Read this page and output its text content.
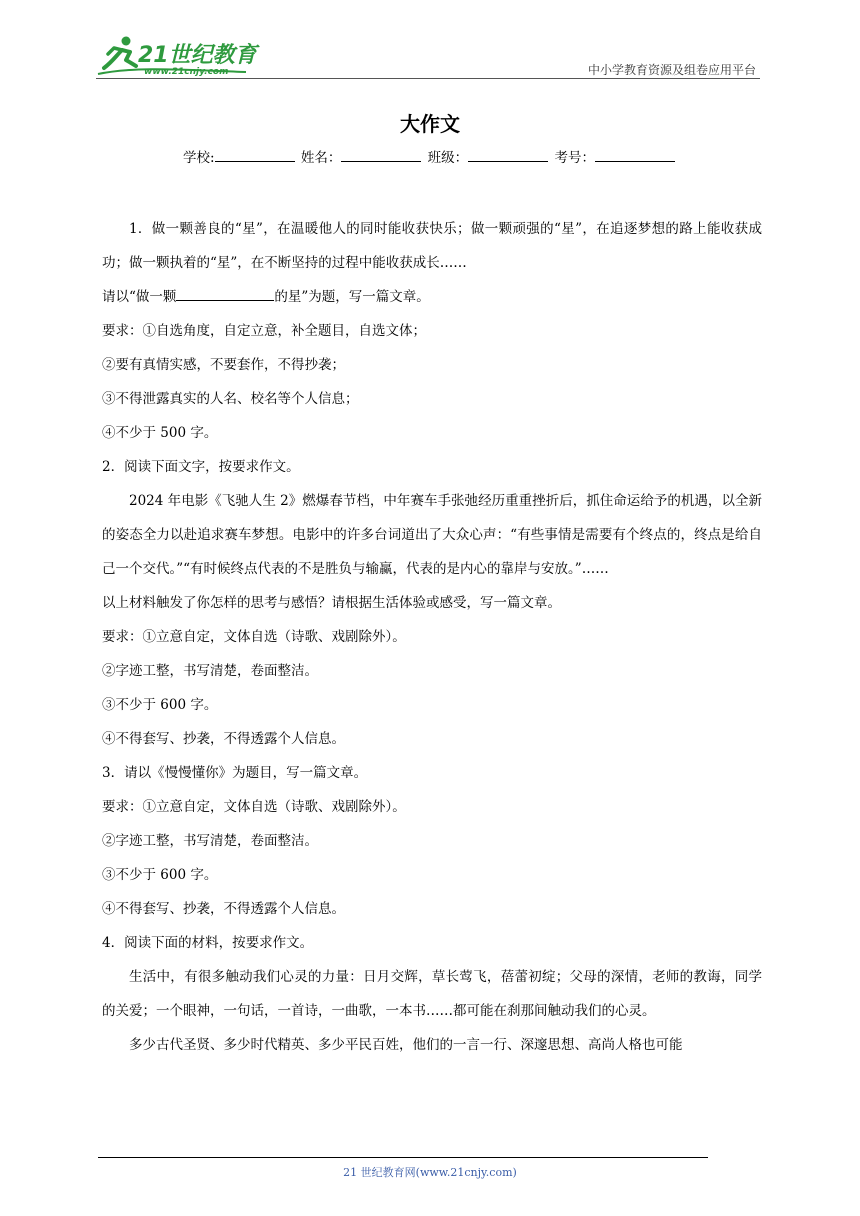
21世纪教育
www.21cnjy.com	中小学教育资源及组卷应用平台
大作文
学校:	姓名：	班级：	考号：

1．做一颗善良的“星”，在温暖他人的同时能收获快乐；做一颗顽强的“星”，在追逐梦想的路上能收获成功；做一颗执着的“星”，在不断坚持的过程中能收获成长……

请以“做一颗	的星”为题，写一篇文章。

要求：①自选角度，自定立意，补全题目，自选文体；

②要有真情实感，不要套作，不得抄袭；

③不得泄露真实的人名、校名等个人信息；

④不少于 500 字。

2．阅读下面文字，按要求作文。

2024 年电影《飞驰人生 2》燃爆春节档，中年赛车手张弛经历重重挫折后，抓住命运给予的机遇，以全新的姿态全力以赴追求赛车梦想。电影中的许多台词道出了大众心声：“有些事情是需要有个终点的，终点是给自己一个交代。”“有时候终点代表的不是胜负与输赢，代表的是内心的靠岸与安放。”……

以上材料触发了你怎样的思考与感悟？请根据生活体验或感受，写一篇文章。

要求：①立意自定，文体自选（诗歌、戏剧除外）。

②字迹工整，书写清楚，卷面整洁。

③不少于 600 字。

④不得套写、抄袭，不得透露个人信息。

3．请以《慢慢懂你》为题目，写一篇文章。

要求：①立意自定，文体自选（诗歌、戏剧除外）。

②字迹工整，书写清楚，卷面整洁。

③不少于 600 字。

④不得套写、抄袭，不得透露个人信息。

4．阅读下面的材料，按要求作文。

生活中，有很多触动我们心灵的力量：日月交辉，草长莺飞，蓓蕾初绽；父母的深情，老师的教诲，同学的关爱；一个眼神，一句话，一首诗，一曲歌，一本书……都可能在刹那间触动我们的心灵。

多少古代圣贤、多少时代精英、多少平民百姓，他们的一言一行、深邃思想、高尚人格也可能

21 世纪教育网(www.21cnjy.com)
